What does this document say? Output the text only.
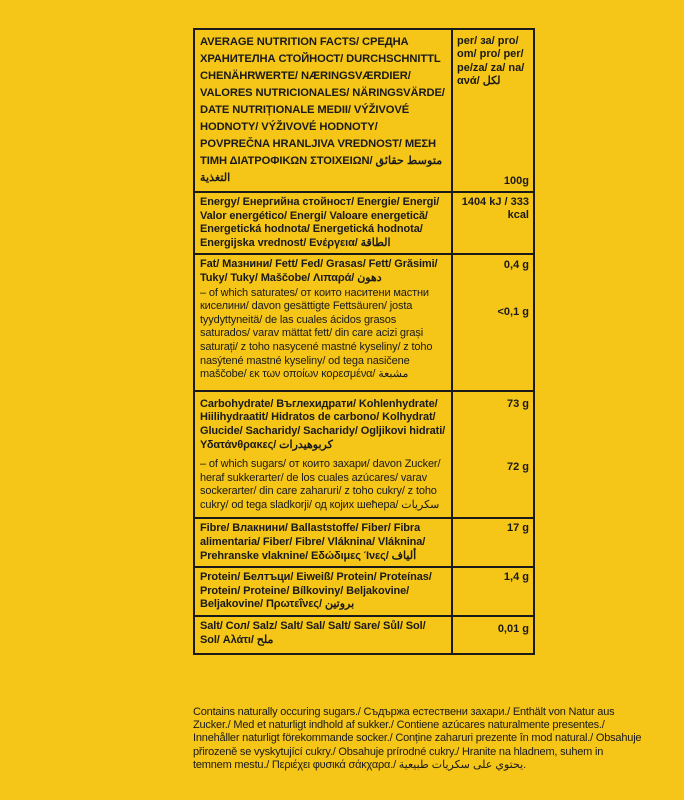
AVERAGE NUTRITION FACTS/ СРЕДНА ХРАНИТЕЛНА СТОЙНОСТ/ DURCHSCHNITTL CHENÄHRWERTE/ NÆRINGSVÆRDIER/ VALORES NUTRICIONALES/ NÄRINGSVÄRDE/ DATE NUTRIȚIONALE MEDII/ VÝŽIVOVÉ HODNOTY/ VÝŽIVOVÉ HODNOTY/ POVPREČNA HRANLJIVA VREDNOST/ ΜΕΣΗ ΤΙΜΗ ΔΙΑΤΡΟΦΙΚΩΝ ΣΤΟΙΧΕΙΩΝ/ متوسط حقائق التغذية
per/ за/ pro/ om/ pro/ per/ pe/za/ za/ na/ανά/ لكل
100g
Energy/ Енергийна стойност/ Energie/ Energi/ Valor energético/ Energi/ Valoare energetică/ Energetická hodnota/ Energetická hodnota/ Energijska vrednost/ Ενέργεια/ الطاقة
1404 kJ / 333 kcal
Fat/ Мазнини/ Fett/ Fed/ Grasas/ Fett/ Grăsimi/ Tuky/ Tuky/ Maščobe/ Λιπαρά/ دهون
– of which saturates/ от които наситени мастни киселини/ davon gesättigte Fettsäuren/ josta tyydyttyneitä/ de las cuales ácidos grasos saturados/ varav mättat fett/ din care acizi grași saturați/ z toho nasycené mastné kyseliny/ z toho nasýtené mastné kyseliny/ od tega nasičene maščobe/ εκ των οποίων κορεσμένα/ مشبعة
0,4 g
<0,1 g
Carbohydrate/ Въглехидрати/ Kohlenhydrate/ Hiilihydraatit/ Hidratos de carbono/ Kolhydrat/ Glucide/ Sacharidy/ Sacharidy/ Ogljikovi hidrati/ Υδατάνθρακες/ كربوهيدرات
– of which sugars/ от които захари/ davon Zucker/ heraf sukkerarter/ de los cuales azúcares/ varav sockerarter/ din care zaharuri/ z toho cukry/ z toho cukry/ od tega sladkorji/ од којих шећера/ سكريات
73 g
72 g
Fibre/ Влакнини/ Ballaststoffe/ Fiber/ Fibra alimentaria/ Fiber/ Fibre/ Vláknina/ Vláknina/ Prehranske vlaknine/ Εδώδιμες Ίνες/ ألياف
17 g
Protein/ Белтъци/ Eiweiß/ Protein/ Proteínas/ Protein/ Proteine/ Bílkoviny/ Beljakovine/ Beljakovine/ Πρωτεΐνες/ بروتين
1,4 g
Salt/ Сол/ Salz/ Salt/ Sal/ Salt/ Sare/ Sůl/ Sol/ Sol/ Αλάτι/ ملح
0,01 g
Contains naturally occuring sugars./ Съдържа естествени захари./ Enthält von Natur aus Zucker./ Med et naturligt indhold af sukker./ Contiene azúcares naturalmente presentes./ Innehåller naturligt förekommande socker./ Conține zaharuri prezente în mod natural./ Obsahuje přirozeně se vyskytující cukry./ Obsahuje prírodné cukry./ Hranite na hladnem, suhem in temnem mestu./ Περιέχει φυσικά σάκχαρα./ يحتوي على سكريات طبيعية.
